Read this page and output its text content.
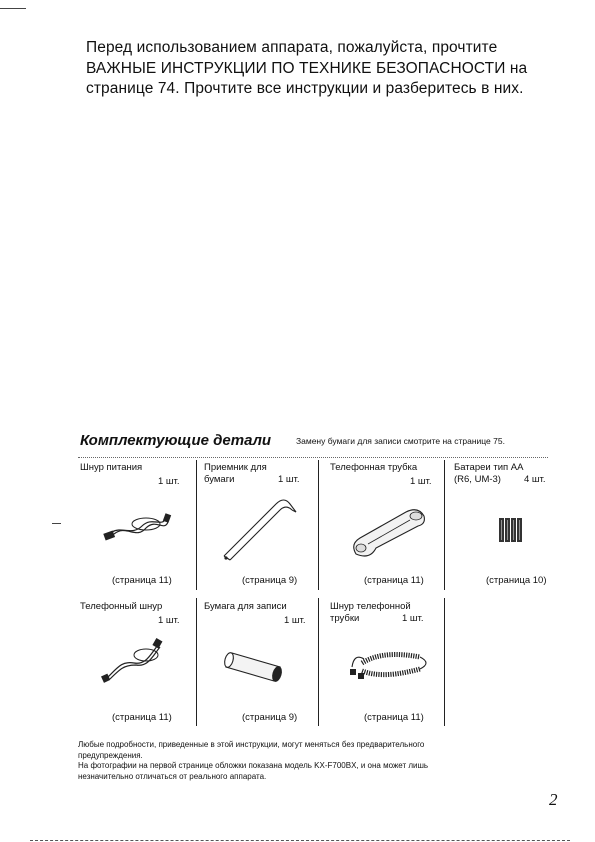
Перед использованием аппарата, пожалуйста, прочтите
ВАЖНЫЕ ИНСТРУКЦИИ ПО ТЕХНИКЕ БЕЗОПАСНОСТИ на
странице 74. Прочтите все инструкции и разберитесь в них.
Комплектующие детали	Замену бумаги для записи смотрите на странице 75.
Шнур питания
1 шт.
(страница 11)
Приемник для
бумаги	1 шт.
(страница 9)
Телефонная трубка
1 шт.
(страница 11)
Батареи тип АА
(R6, UM-3)	4 шт.
(страница 10)
Телефонный шнур
1 шт.
(страница 11)
Бумага для записи
1 шт.
(страница 9)
Шнур телефонной
трубки	1 шт.
(страница 11)
Любые подробности, приведенные в этой инструкции, могут меняться без предварительного
предупреждения.
На фотографии на первой странице обложки показана модель KX-F700BX, и она может лишь
незначительно отличаться от реального аппарата.
2
